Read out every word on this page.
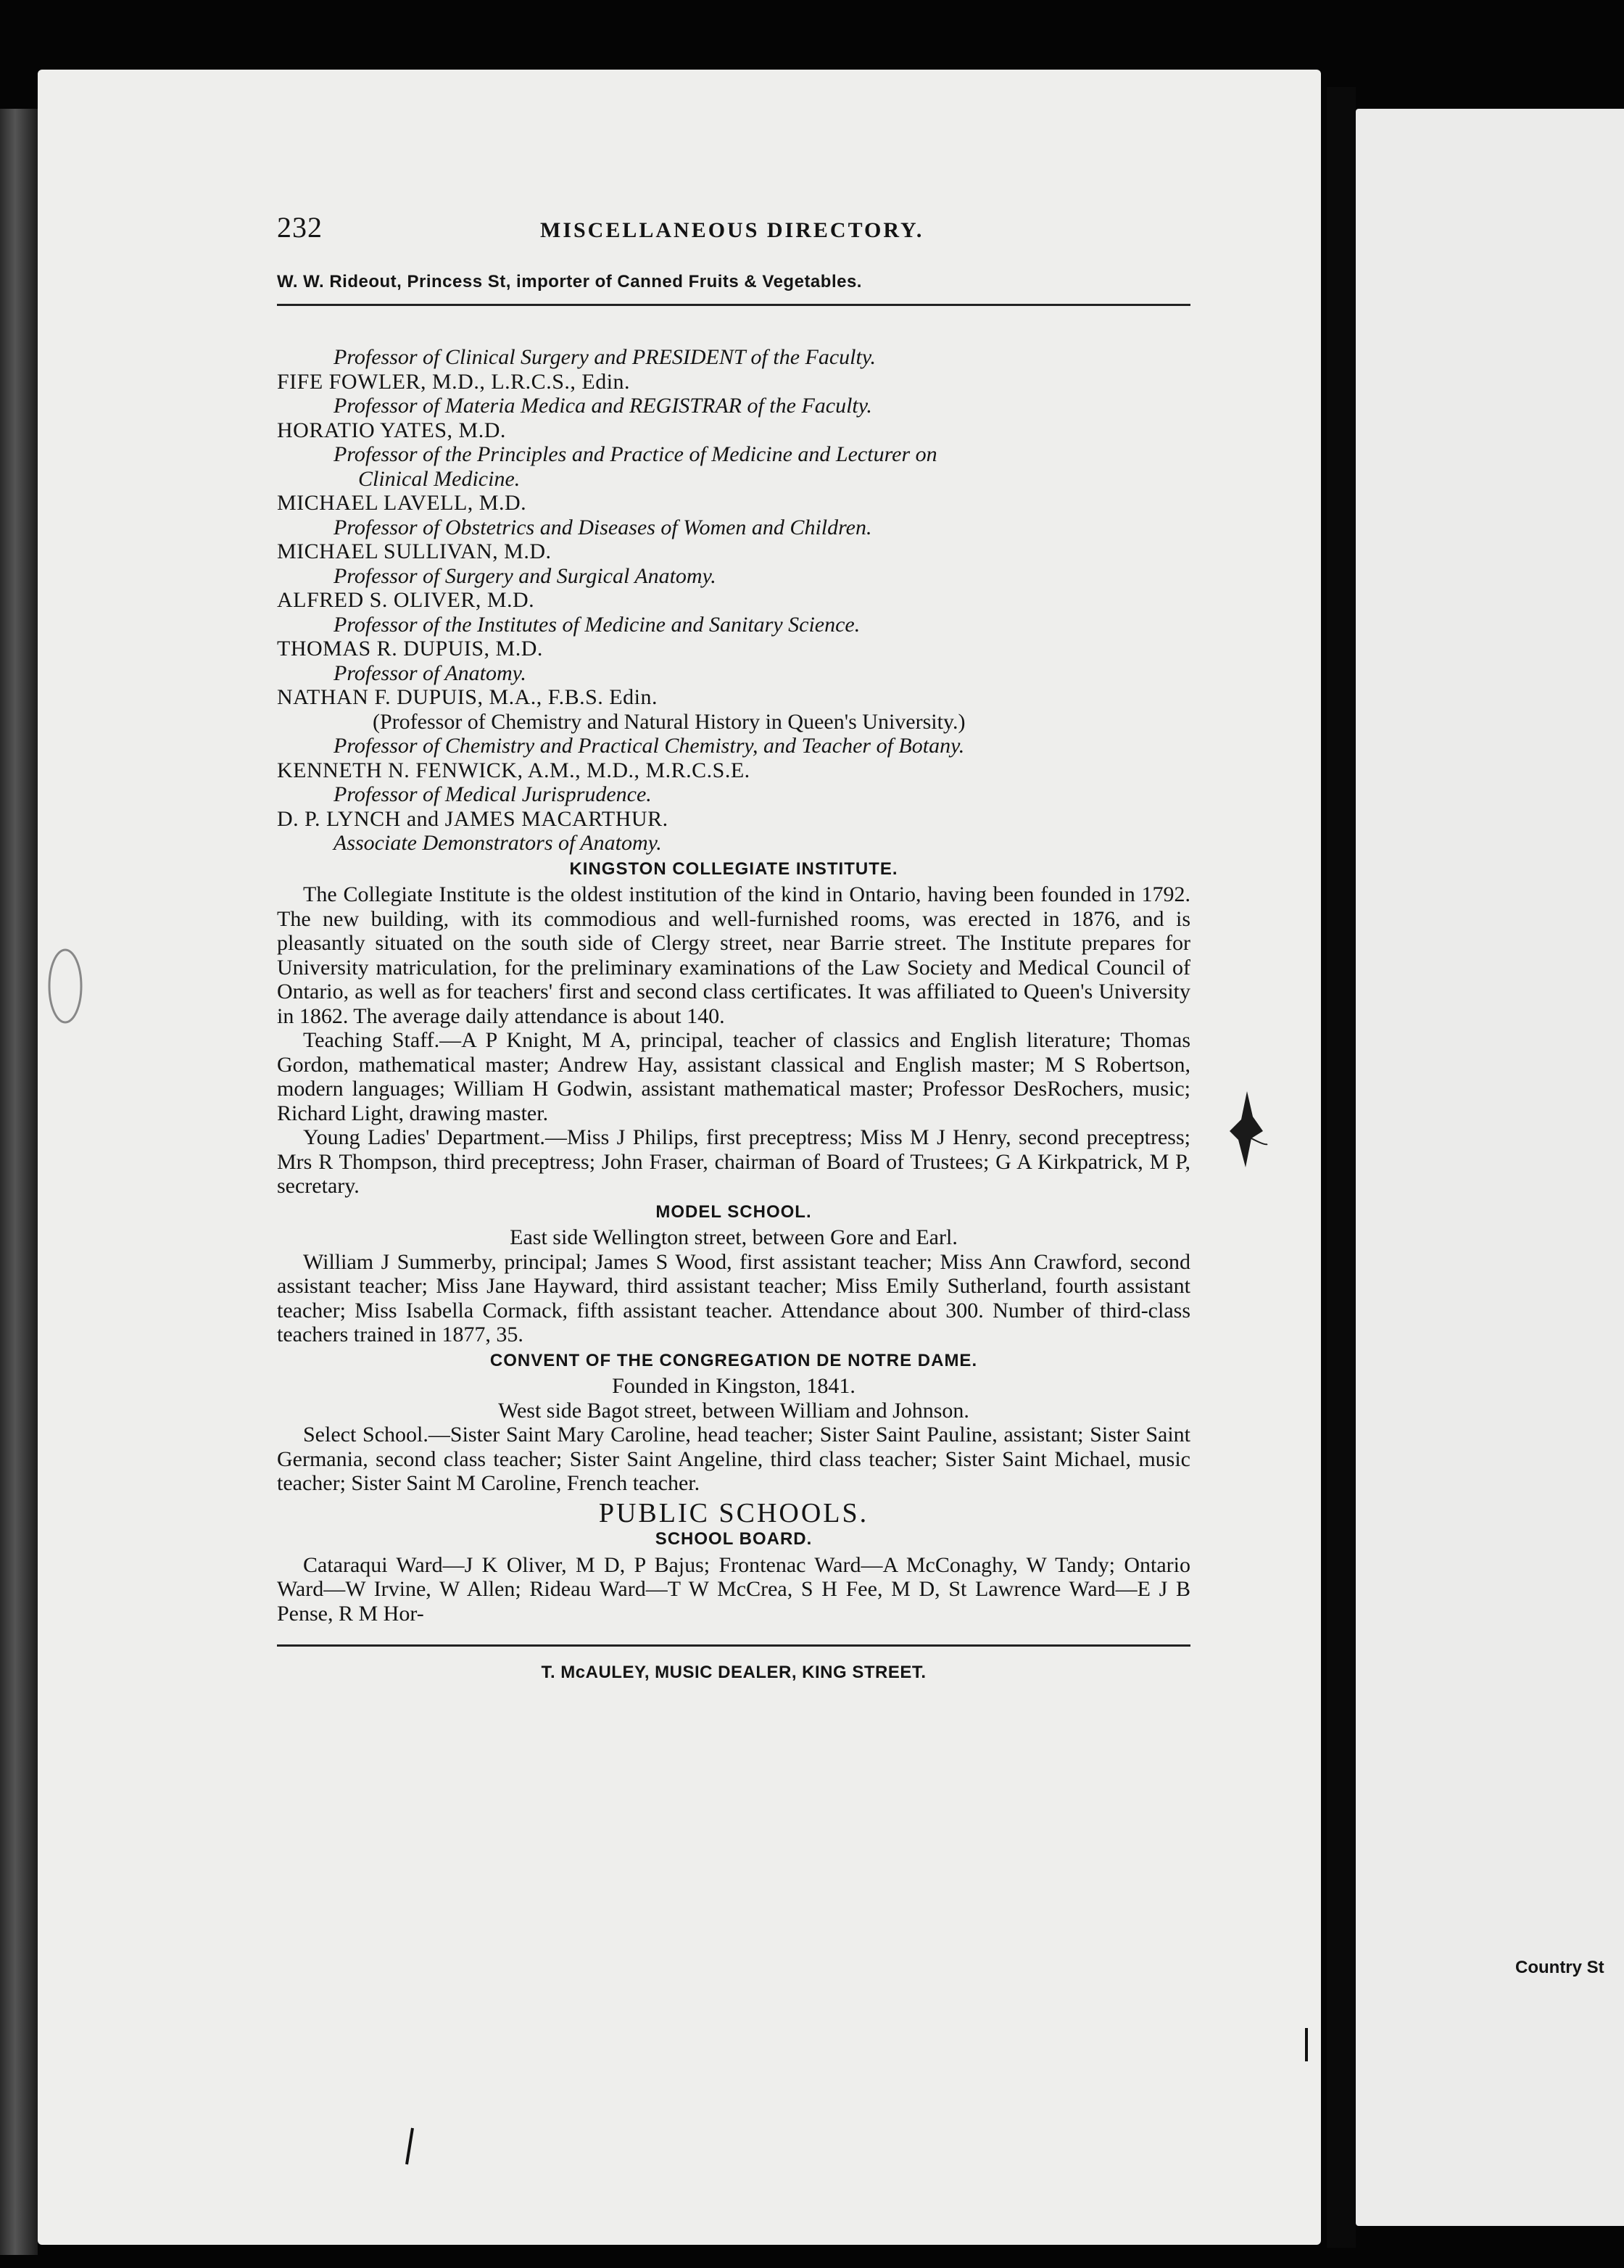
232	MISCELLANEOUS DIRECTORY.
W. W. Rideout, Princess St, importer of Canned Fruits & Vegetables.
Professor of Clinical Surgery and PRESIDENT of the Faculty.
FIFE FOWLER, M.D., L.R.C.S., Edin.
Professor of Materia Medica and REGISTRAR of the Faculty.
HORATIO YATES, M.D.
Professor of the Principles and Practice of Medicine and Lecturer on
Clinical Medicine.
MICHAEL LAVELL, M.D.
Professor of Obstetrics and Diseases of Women and Children.
MICHAEL SULLIVAN, M.D.
Professor of Surgery and Surgical Anatomy.
ALFRED S. OLIVER, M.D.
Professor of the Institutes of Medicine and Sanitary Science.
THOMAS R. DUPUIS, M.D.
Professor of Anatomy.
NATHAN F. DUPUIS, M.A., F.B.S. Edin.
(Professor of Chemistry and Natural History in Queen's University.)
Professor of Chemistry and Practical Chemistry, and Teacher of Botany.
KENNETH N. FENWICK, A.M., M.D., M.R.C.S.E.
Professor of Medical Jurisprudence.
D. P. LYNCH and JAMES MACARTHUR.
Associate Demonstrators of Anatomy.
KINGSTON COLLEGIATE INSTITUTE.
The Collegiate Institute is the oldest institution of the kind in Ontario, having been founded in 1792. The new building, with its commodious and well-furnished rooms, was erected in 1876, and is pleasantly situated on the south side of Clergy street, near Barrie street. The Institute prepares for University matriculation, for the preliminary examinations of the Law Society and Medical Council of Ontario, as well as for teachers' first and second class certificates. It was affiliated to Queen's University in 1862. The average daily attendance is about 140.
Teaching Staff.—A P Knight, M A, principal, teacher of classics and English literature; Thomas Gordon, mathematical master; Andrew Hay, assistant classical and English master; M S Robertson, modern languages; William H Godwin, assistant mathematical master; Professor DesRochers, music; Richard Light, drawing master.
Young Ladies' Department.—Miss J Philips, first preceptress; Miss M J Henry, second preceptress; Mrs R Thompson, third preceptress; John Fraser, chairman of Board of Trustees; G A Kirkpatrick, M P, secretary.
MODEL SCHOOL.
East side Wellington street, between Gore and Earl.
William J Summerby, principal; James S Wood, first assistant teacher; Miss Ann Crawford, second assistant teacher; Miss Jane Hayward, third assistant teacher; Miss Emily Sutherland, fourth assistant teacher; Miss Isabella Cormack, fifth assistant teacher. Attendance about 300. Number of third-class teachers trained in 1877, 35.
CONVENT OF THE CONGREGATION DE NOTRE DAME.
Founded in Kingston, 1841.
West side Bagot street, between William and Johnson.
Select School.—Sister Saint Mary Caroline, head teacher; Sister Saint Pauline, assistant; Sister Saint Germania, second class teacher; Sister Saint Angeline, third class teacher; Sister Saint Michael, music teacher; Sister Saint M Caroline, French teacher.
PUBLIC SCHOOLS.
SCHOOL BOARD.
Cataraqui Ward—J K Oliver, M D, P Bajus; Frontenac Ward—A McConaghy, W Tandy; Ontario Ward—W Irvine, W Allen; Rideau Ward—T W McCrea, S H Fee, M D, St Lawrence Ward—E J B Pense, R M Hor-
T. McAULEY, MUSIC DEALER, KING STREET.
Country St
